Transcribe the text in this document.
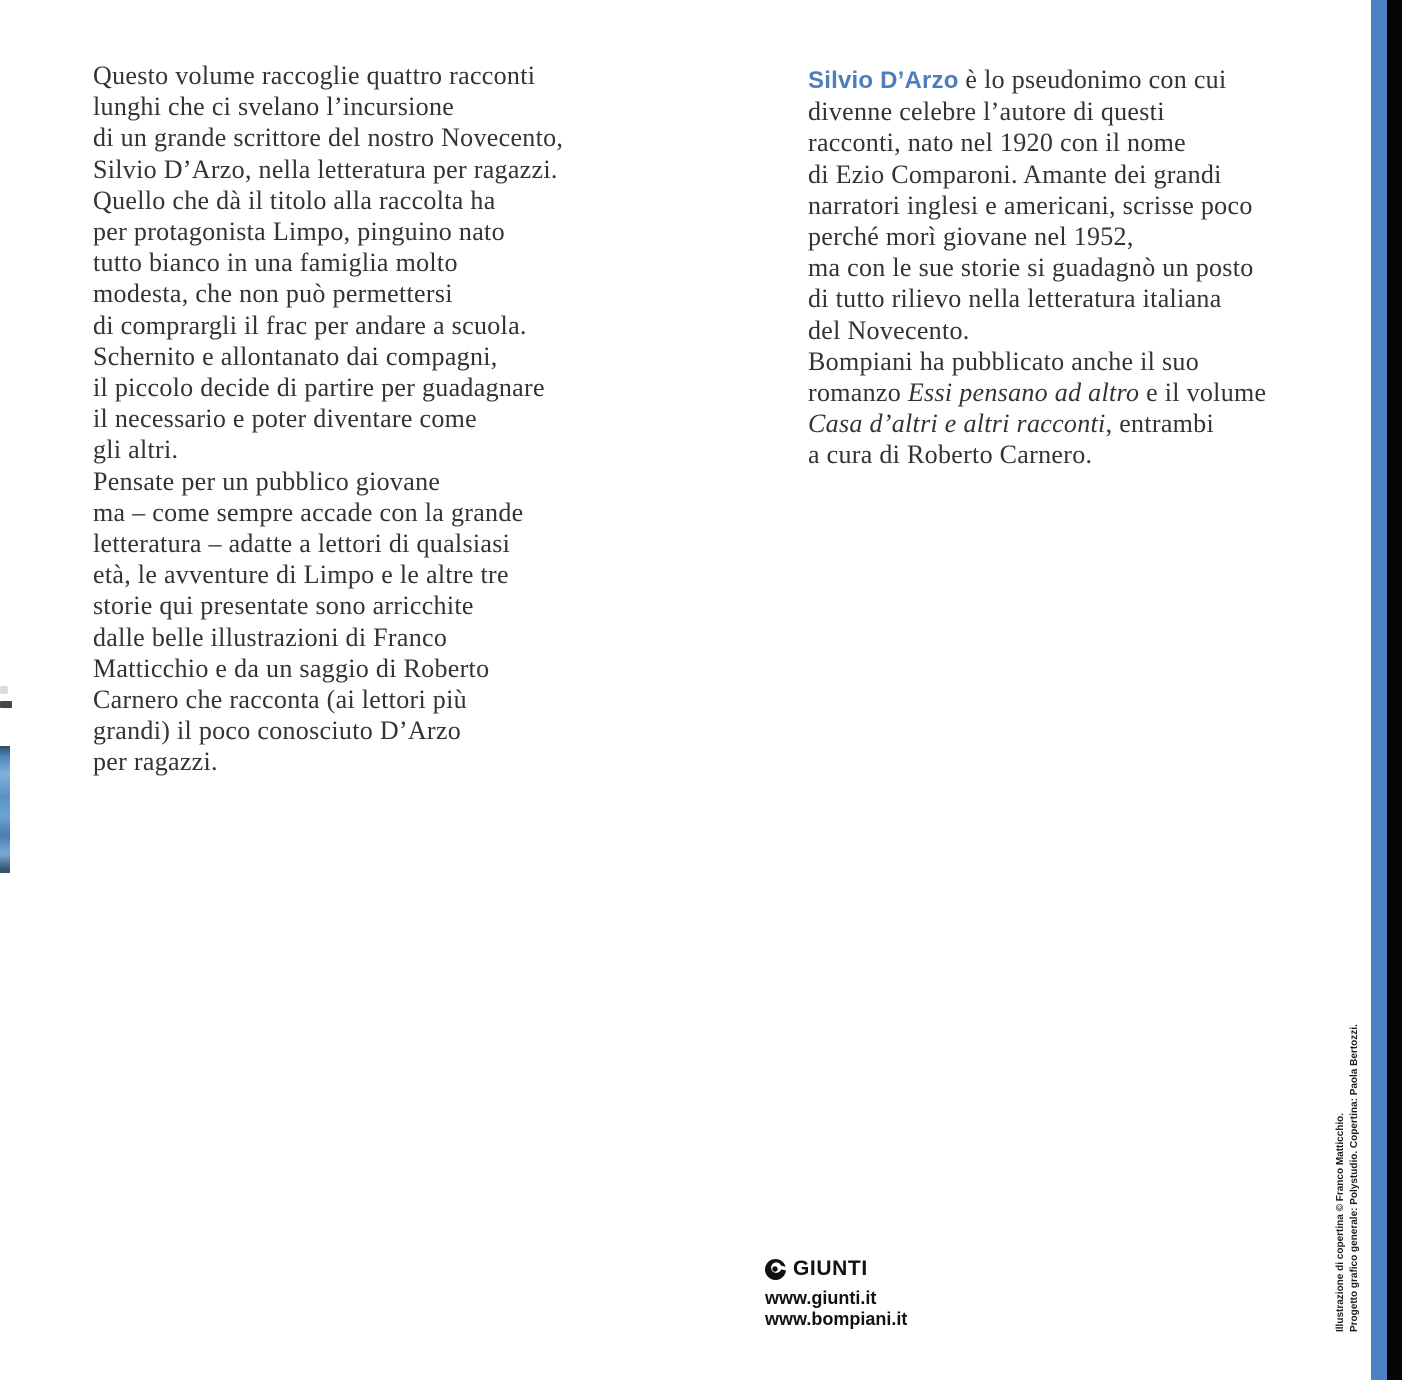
Questo volume raccoglie quattro racconti
lunghi che ci svelano l’incursione
di un grande scrittore del nostro Novecento,
Silvio D’Arzo, nella letteratura per ragazzi.
Quello che dà il titolo alla raccolta ha
per protagonista Limpo, pinguino nato
tutto bianco in una famiglia molto
modesta, che non può permettersi
di comprargli il frac per andare a scuola.
Schernito e allontanato dai compagni,
il piccolo decide di partire per guadagnare
il necessario e poter diventare come
gli altri.
Pensate per un pubblico giovane
ma – come sempre accade con la grande
letteratura – adatte a lettori di qualsiasi
età, le avventure di Limpo e le altre tre
storie qui presentate sono arricchite
dalle belle illustrazioni di Franco
Matticchio e da un saggio di Roberto
Carnero che racconta (ai lettori più
grandi) il poco conosciuto D’Arzo
per ragazzi.
Silvio D’Arzo è lo pseudonimo con cui
divenne celebre l’autore di questi
racconti, nato nel 1920 con il nome
di Ezio Comparoni. Amante dei grandi
narratori inglesi e americani, scrisse poco
perché morì giovane nel 1952,
ma con le sue storie si guadagnò un posto
di tutto rilievo nella letteratura italiana
del Novecento.
Bompiani ha pubblicato anche il suo
romanzo Essi pensano ad altro e il volume
Casa d’altri e altri racconti, entrambi
a cura di Roberto Carnero.
GIUNTI
www.giunti.it
www.bompiani.it	Illustrazione di copertina © Franco Matticchio. Progetto grafico generale: Polystudio. Copertina: Paola Bertozzi.
